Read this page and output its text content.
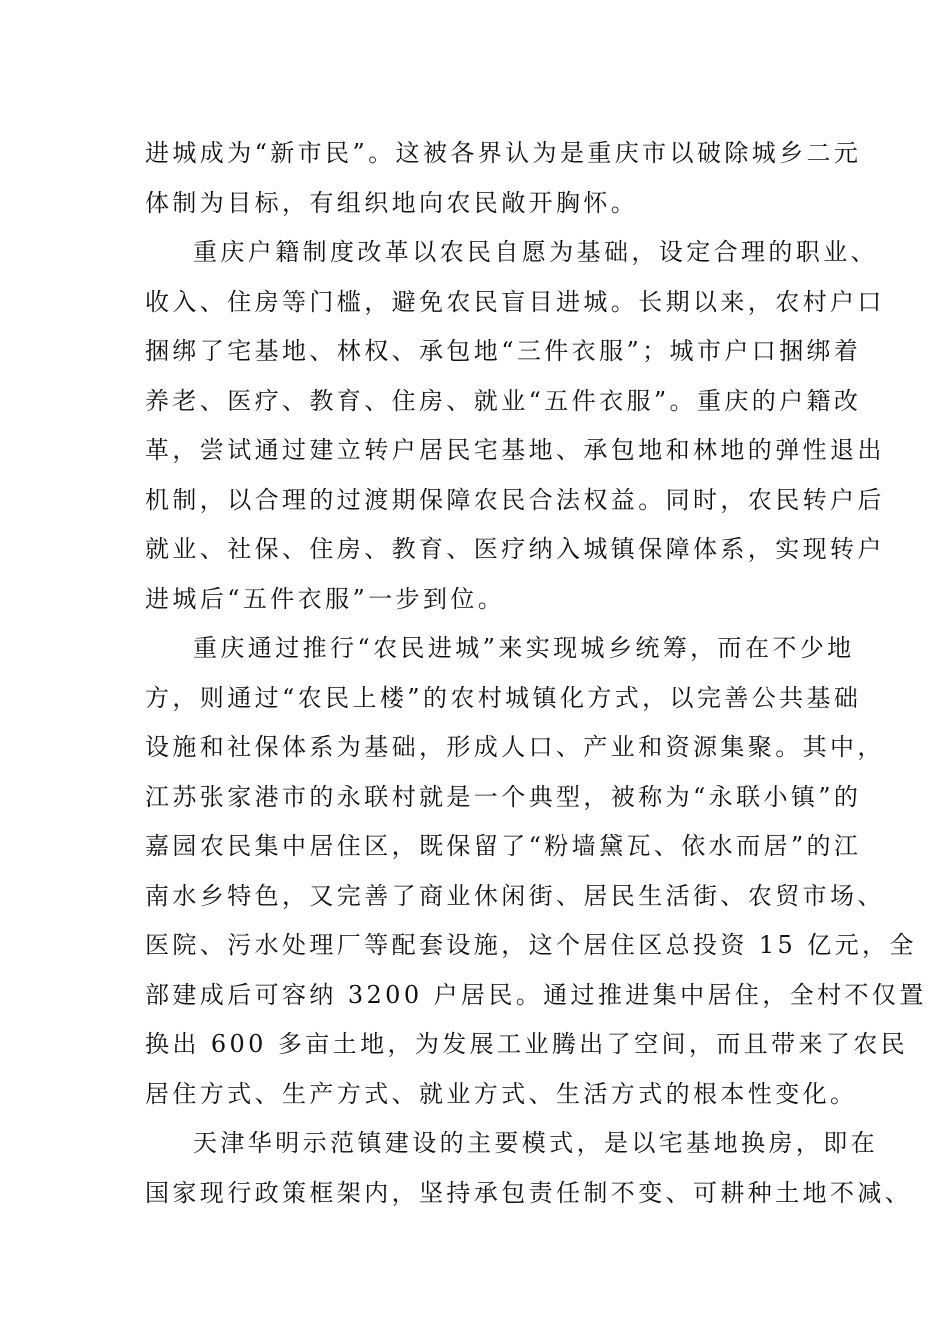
进城成为“新市民”。这被各界认为是重庆市以破除城乡二元
体制为目标，有组织地向农民敞开胸怀。
重庆户籍制度改革以农民自愿为基础，设定合理的职业、
收入、住房等门槛，避免农民盲目进城。长期以来，农村户口
捆绑了宅基地、林权、承包地“三件衣服”；城市户口捆绑着
养老、医疗、教育、住房、就业“五件衣服”。重庆的户籍改
革，尝试通过建立转户居民宅基地、承包地和林地的弹性退出
机制，以合理的过渡期保障农民合法权益。同时，农民转户后
就业、社保、住房、教育、医疗纳入城镇保障体系，实现转户
进城后“五件衣服”一步到位。
重庆通过推行“农民进城”来实现城乡统筹，而在不少地
方，则通过“农民上楼”的农村城镇化方式，以完善公共基础
设施和社保体系为基础，形成人口、产业和资源集聚。其中，
江苏张家港市的永联村就是一个典型，被称为“永联小镇”的
嘉园农民集中居住区，既保留了“粉墙黛瓦、依水而居”的江
南水乡特色，又完善了商业休闲街、居民生活街、农贸市场、
医院、污水处理厂等配套设施，这个居住区总投资 15 亿元，全
部建成后可容纳 3200 户居民。通过推进集中居住，全村不仅置
换出 600 多亩土地，为发展工业腾出了空间，而且带来了农民
居住方式、生产方式、就业方式、生活方式的根本性变化。
天津华明示范镇建设的主要模式，是以宅基地换房，即在
国家现行政策框架内，坚持承包责任制不变、可耕种土地不减、
